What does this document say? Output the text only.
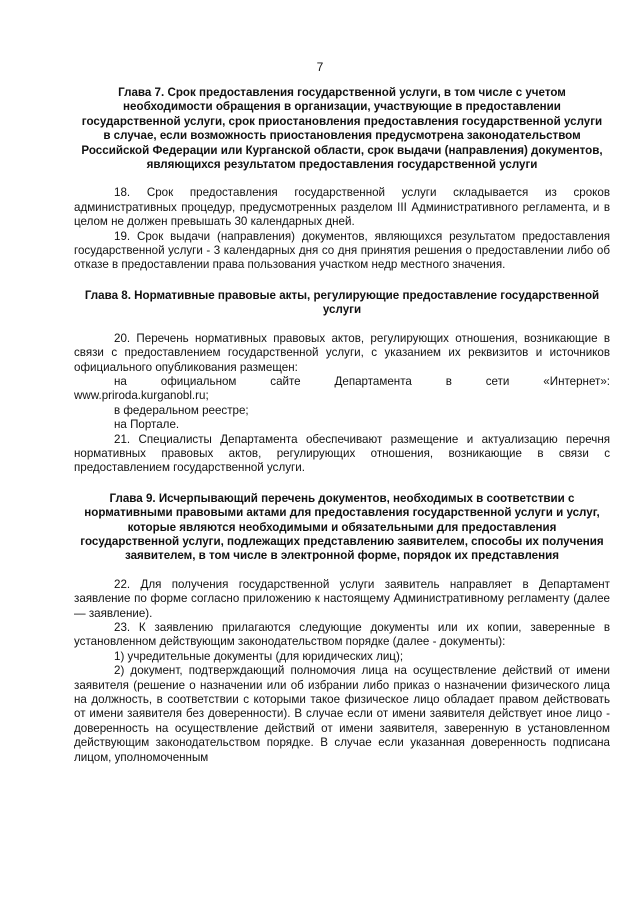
7

Глава 7. Срок предоставления государственной услуги, в том числе с учетом необходимости обращения в организации, участвующие в предоставлении государственной услуги, срок приостановления предоставления государственной услуги в случае, если возможность приостановления предусмотрена законодательством Российской Федерации или Курганской области, срок выдачи (направления) документов, являющихся результатом предоставления государственной услуги

18. Срок предоставления государственной услуги складывается из сроков административных процедур, предусмотренных разделом III Административного регламента, и в целом не должен превышать 30 календарных дней.

19. Срок выдачи (направления) документов, являющихся результатом предоставления государственной услуги - 3 календарных дня со дня принятия решения о предоставлении либо об отказе в предоставлении права пользования участком недр местного значения.

Глава 8. Нормативные правовые акты, регулирующие предоставление государственной услуги

20. Перечень нормативных правовых актов, регулирующих отношения, возникающие в связи с предоставлением государственной услуги, с указанием их реквизитов и источников официального опубликования размещен:

на официальном сайте Департамента в сети «Интернет»:

www.priroda.kurganobl.ru;

в федеральном реестре;

на Портале.

21. Специалисты Департамента обеспечивают размещение и актуализацию перечня нормативных правовых актов, регулирующих отношения, возникающие в связи с предоставлением государственной услуги.

Глава 9. Исчерпывающий перечень документов, необходимых в соответствии с нормативными правовыми актами для предоставления государственной услуги и услуг, которые являются необходимыми и обязательными для предоставления государственной услуги, подлежащих представлению заявителем, способы их получения заявителем, в том числе в электронной форме, порядок их представления

22. Для получения государственной услуги заявитель направляет в Департамент заявление по форме согласно приложению к настоящему Административному регламенту (далее — заявление).

23. К заявлению прилагаются следующие документы или их копии, заверенные в установленном действующим законодательством порядке (далее - документы):

1) учредительные документы (для юридических лиц);

2) документ, подтверждающий полномочия лица на осуществление действий от имени заявителя (решение о назначении или об избрании либо приказ о назначении физического лица на должность, в соответствии с которыми такое физическое лицо обладает правом действовать от имени заявителя без доверенности). В случае если от имени заявителя действует иное лицо - доверенность на осуществление действий от имени заявителя, заверенную в установленном действующим законодательством порядке. В случае если указанная доверенность подписана лицом, уполномоченным
